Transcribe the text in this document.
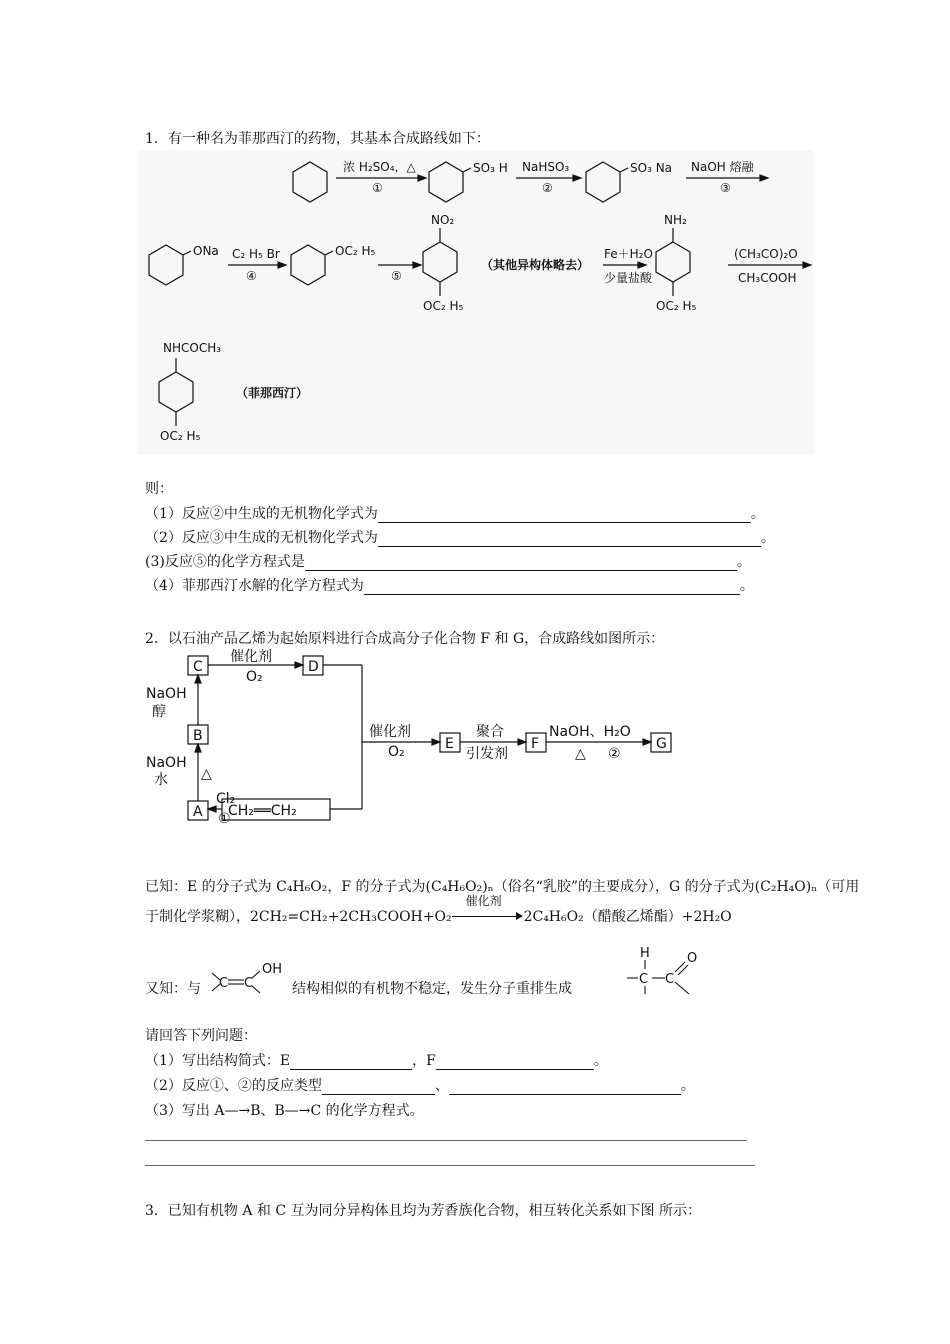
1．有一种名为菲那西汀的药物，其基本合成路线如下：
浓 H₂SO₄，△
①
SO₃ H NaHSO₃
②
SO₃ Na NaOH 熔融
③
ONa C₂ H₅ Br
④
OC₂ H₅
⑤
NO₂
OC₂ H₅
（其他异构体略去）
Fe＋H₂O
少量盐酸
NH₂
OC₂ H₅
(CH₃CO)₂O
CH₃COOH
NHCOCH₃
OC₂ H₅
（菲那西汀）
则：
（1）反应②中生成的无机物化学式为	。
（2）反应③中生成的无机物化学式为	。
(3)反应⑤的化学方程式是	。
（4）菲那西汀水解的化学方程式为	。
2．以石油产品乙烯为起始原料进行合成高分子化合物 F 和 G，合成路线如图所示：
C	D
B
A CH₂══CH₂
E	F	G
催化剂
O₂
NaOH
醇
NaOH
水 △
Cl₂
①
催化剂
O₂
聚合
引发剂
NaOH、H₂O
△ ②
已知：E 的分子式为 C₄H₆O₂，F 的分子式为(C₄H₆O₂)ₙ（俗名“乳胶”的主要成分），G 的分子式为(C₂H₄O)ₙ（可用
于制化学浆糊），2CH₂=CH₂+2CH₃COOH+O₂
催化剂
2C₄H₆O₂（醋酸乙烯酯）+2H₂O
又知：与 C C
OH
结构相似的有机物不稳定，发生分子重排生成
H
C C
O
请回答下列问题：
（1）写出结构简式：E	，F	。
（2）反应①、②的反应类型	、	。
（3）写出 A—→B、B—→C 的化学方程式。
3．已知有机物 A 和 C 互为同分异构体且均为芳香族化合物，相互转化关系如下图 所示：
